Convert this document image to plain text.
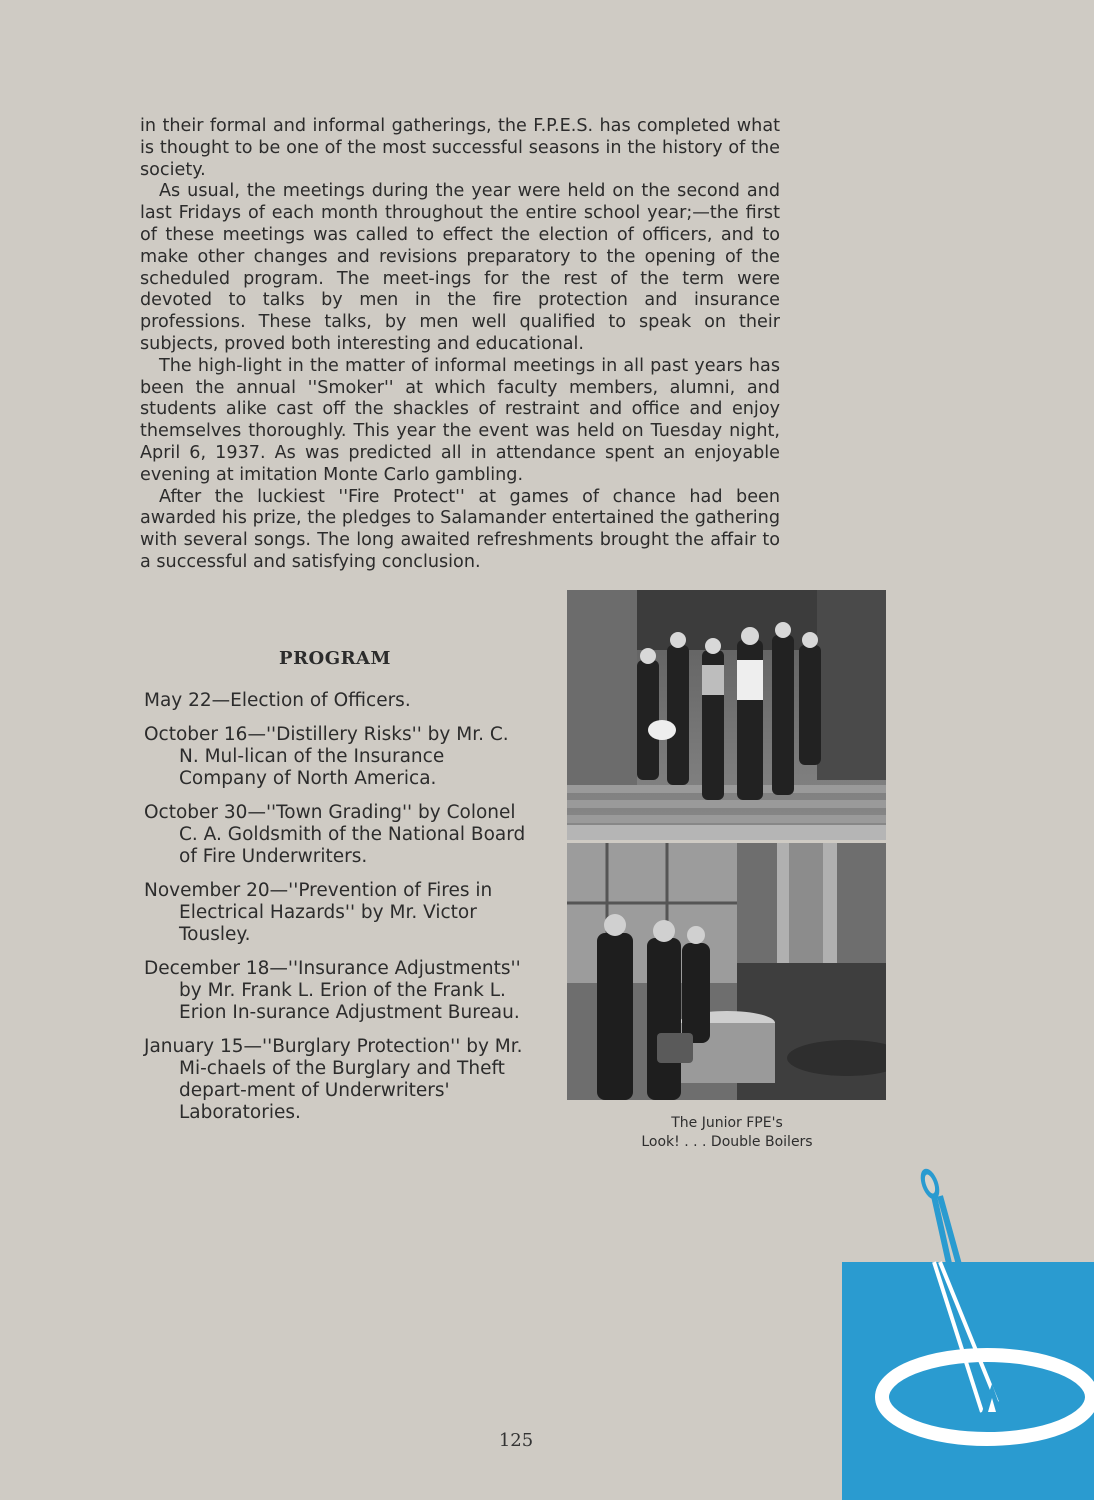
in their formal and informal gatherings, the F.P.E.S. has completed what is thought to be one of the most successful seasons in the history of the society.

As usual, the meetings during the year were held on the second and last Fridays of each month throughout the entire school year;—the first of these meetings was called to effect the election of officers, and to make other changes and revisions preparatory to the opening of the scheduled program. The meet-ings for the rest of the term were devoted to talks by men in the fire protection and insurance professions. These talks, by men well qualified to speak on their subjects, proved both interesting and educational.

The high-light in the matter of informal meetings in all past years has been the annual ''Smoker'' at which faculty members, alumni, and students alike cast off the shackles of restraint and office and enjoy themselves thoroughly. This year the event was held on Tuesday night, April 6, 1937. As was predicted all in attendance spent an enjoyable evening at imitation Monte Carlo gambling.

After the luckiest ''Fire Protect'' at games of chance had been awarded his prize, the pledges to Salamander entertained the gathering with several songs. The long awaited refreshments brought the affair to a successful and satisfying conclusion.

PROGRAM
May 22—Election of Officers.
October 16—''Distillery Risks'' by Mr. C. N. Mul-lican of the Insurance Company of North America.
October 30—''Town Grading'' by Colonel C. A. Goldsmith of the National Board of Fire Underwriters.
November 20—''Prevention of Fires in Electrical Hazards'' by Mr. Victor Tousley.
December 18—''Insurance Adjustments'' by Mr. Frank L. Erion of the Frank L. Erion In-surance Adjustment Bureau.
January 15—''Burglary Protection'' by Mr. Mi-chaels of the Burglary and Theft depart-ment of Underwriters' Laboratories.	The Junior FPE's
Look! . . . Double Boilers
125
